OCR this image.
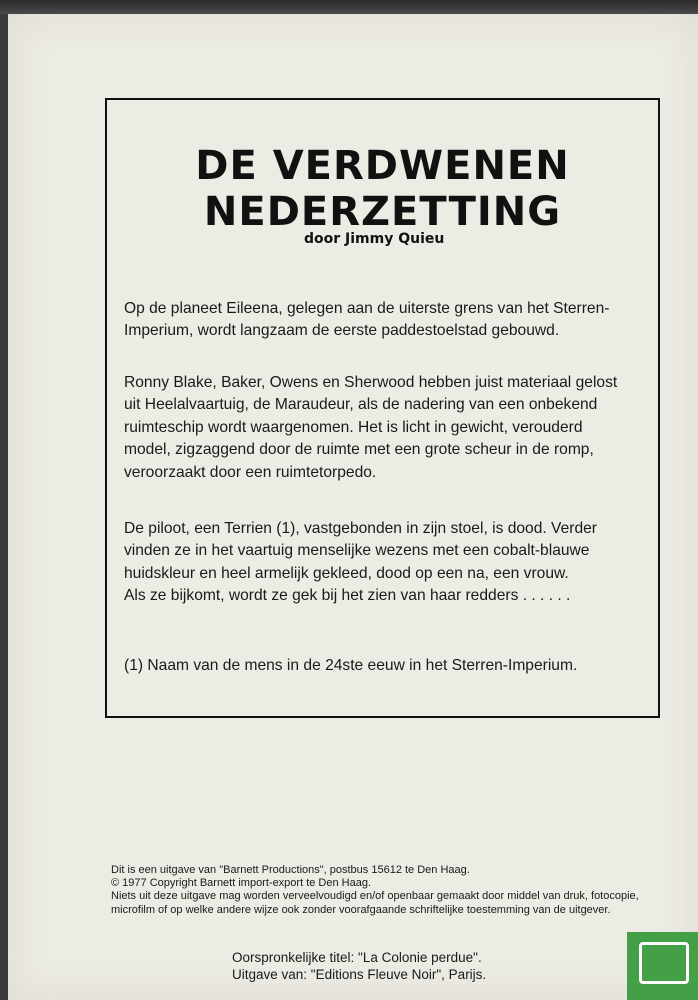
DE VERDWENEN
NEDERZETTING
door Jimmy Quieu
Op de planeet Eileena, gelegen aan de uiterste grens van het Sterren-
Imperium, wordt langzaam de eerste paddestoelstad gebouwd.
Ronny Blake, Baker, Owens en Sherwood hebben juist materiaal gelost
uit Heelalvaartuig, de Maraudeur, als de nadering van een onbekend
ruimteschip wordt waargenomen. Het is licht in gewicht, verouderd
model, zigzaggend door de ruimte met een grote scheur in de romp,
veroorzaakt door een ruimtetorpedo.
De piloot, een Terrien (1), vastgebonden in zijn stoel, is dood. Verder
vinden ze in het vaartuig menselijke wezens met een cobalt-blauwe
huidskleur en heel armelijk gekleed, dood op een na, een vrouw.
Als ze bijkomt, wordt ze gek bij het zien van haar redders . . . . . .
(1) Naam van de mens in de 24ste eeuw in het Sterren-Imperium.
Dit is een uitgave van "Barnett Productions", postbus 15612 te Den Haag.
© 1977 Copyright Barnett import-export te Den Haag.
Niets uit deze uitgave mag worden verveelvoudigd en/of openbaar gemaakt door middel van druk, fotocopie,
microfilm of op welke andere wijze ook zonder voorafgaande schriftelijke toestemming van de uitgever.
Oorspronkelijke titel: "La Colonie perdue".
Uitgave van: "Editions Fleuve Noir", Parijs.
